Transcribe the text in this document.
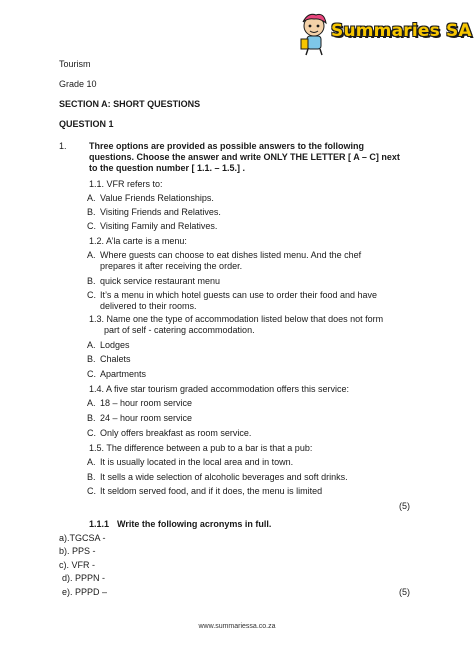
Summaries SA
Tourism
Grade 10
SECTION A: SHORT QUESTIONS
QUESTION 1
1. Three options are provided as possible answers to the following
questions. Choose the answer and write ONLY THE LETTER [ A – C] next
to the question number [ 1.1. – 1.5.] .
1.1. VFR refers to:
A. Value Friends Relationships.
B. Visiting Friends and Relatives.
C. Visiting Family and Relatives.
1.2. A’la carte is a menu:
A. Where guests can choose to eat dishes listed menu. And the chef
prepares it after receiving the order.
B. quick service restaurant menu
C. It’s a menu in which hotel guests can use to order their food and have
delivered to their rooms.
1.3. Name one the type of accommodation listed below that does not form
part of self - catering accommodation.
A. Lodges
B. Chalets
C. Apartments
1.4. A five star tourism graded accommodation offers this service:
A. 18 – hour room service
B. 24 – hour room service
C. Only offers breakfast as room service.
1.5. The difference between a pub to a bar is that a pub:
A. It is usually located in the local area and in town.
B. It sells a wide selection of alcoholic beverages and soft drinks.
C. It seldom served food, and if it does, the menu is limited
(5)
1.1.1 Write the following acronyms in full.
a).TGCSA -
b). PPS -
c). VFR -
d). PPPN -
e). PPPD –	(5)
www.summariessa.co.za
